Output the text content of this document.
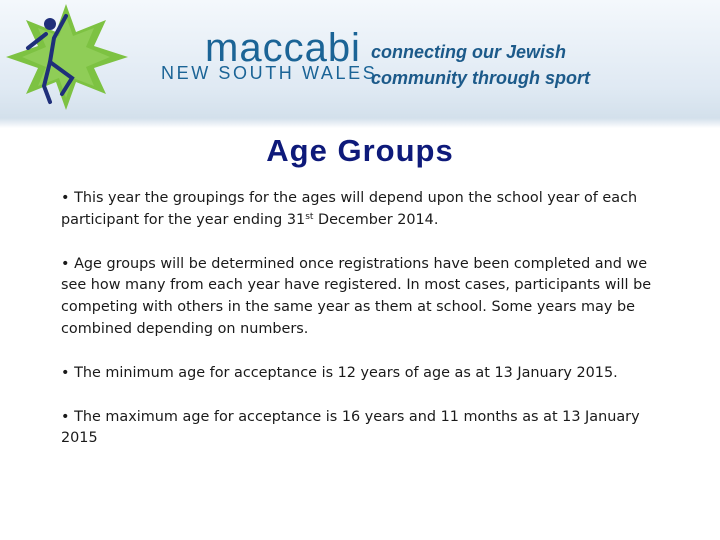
maccabi
NEW SOUTH WALES
connecting our Jewish
community through sport
Age Groups

• This year the groupings for the ages will depend upon the school year of each participant for the year ending 31st December 2014.

• Age groups will be determined once registrations have been completed and we see how many from each year have registered. In most cases, participants will be competing with others in the same year as them at school. Some years may be combined depending on numbers.

• The minimum age for acceptance is 12 years of age as at 13 January 2015.

• The maximum age for acceptance is 16 years and 11 months as at 13 January 2015
